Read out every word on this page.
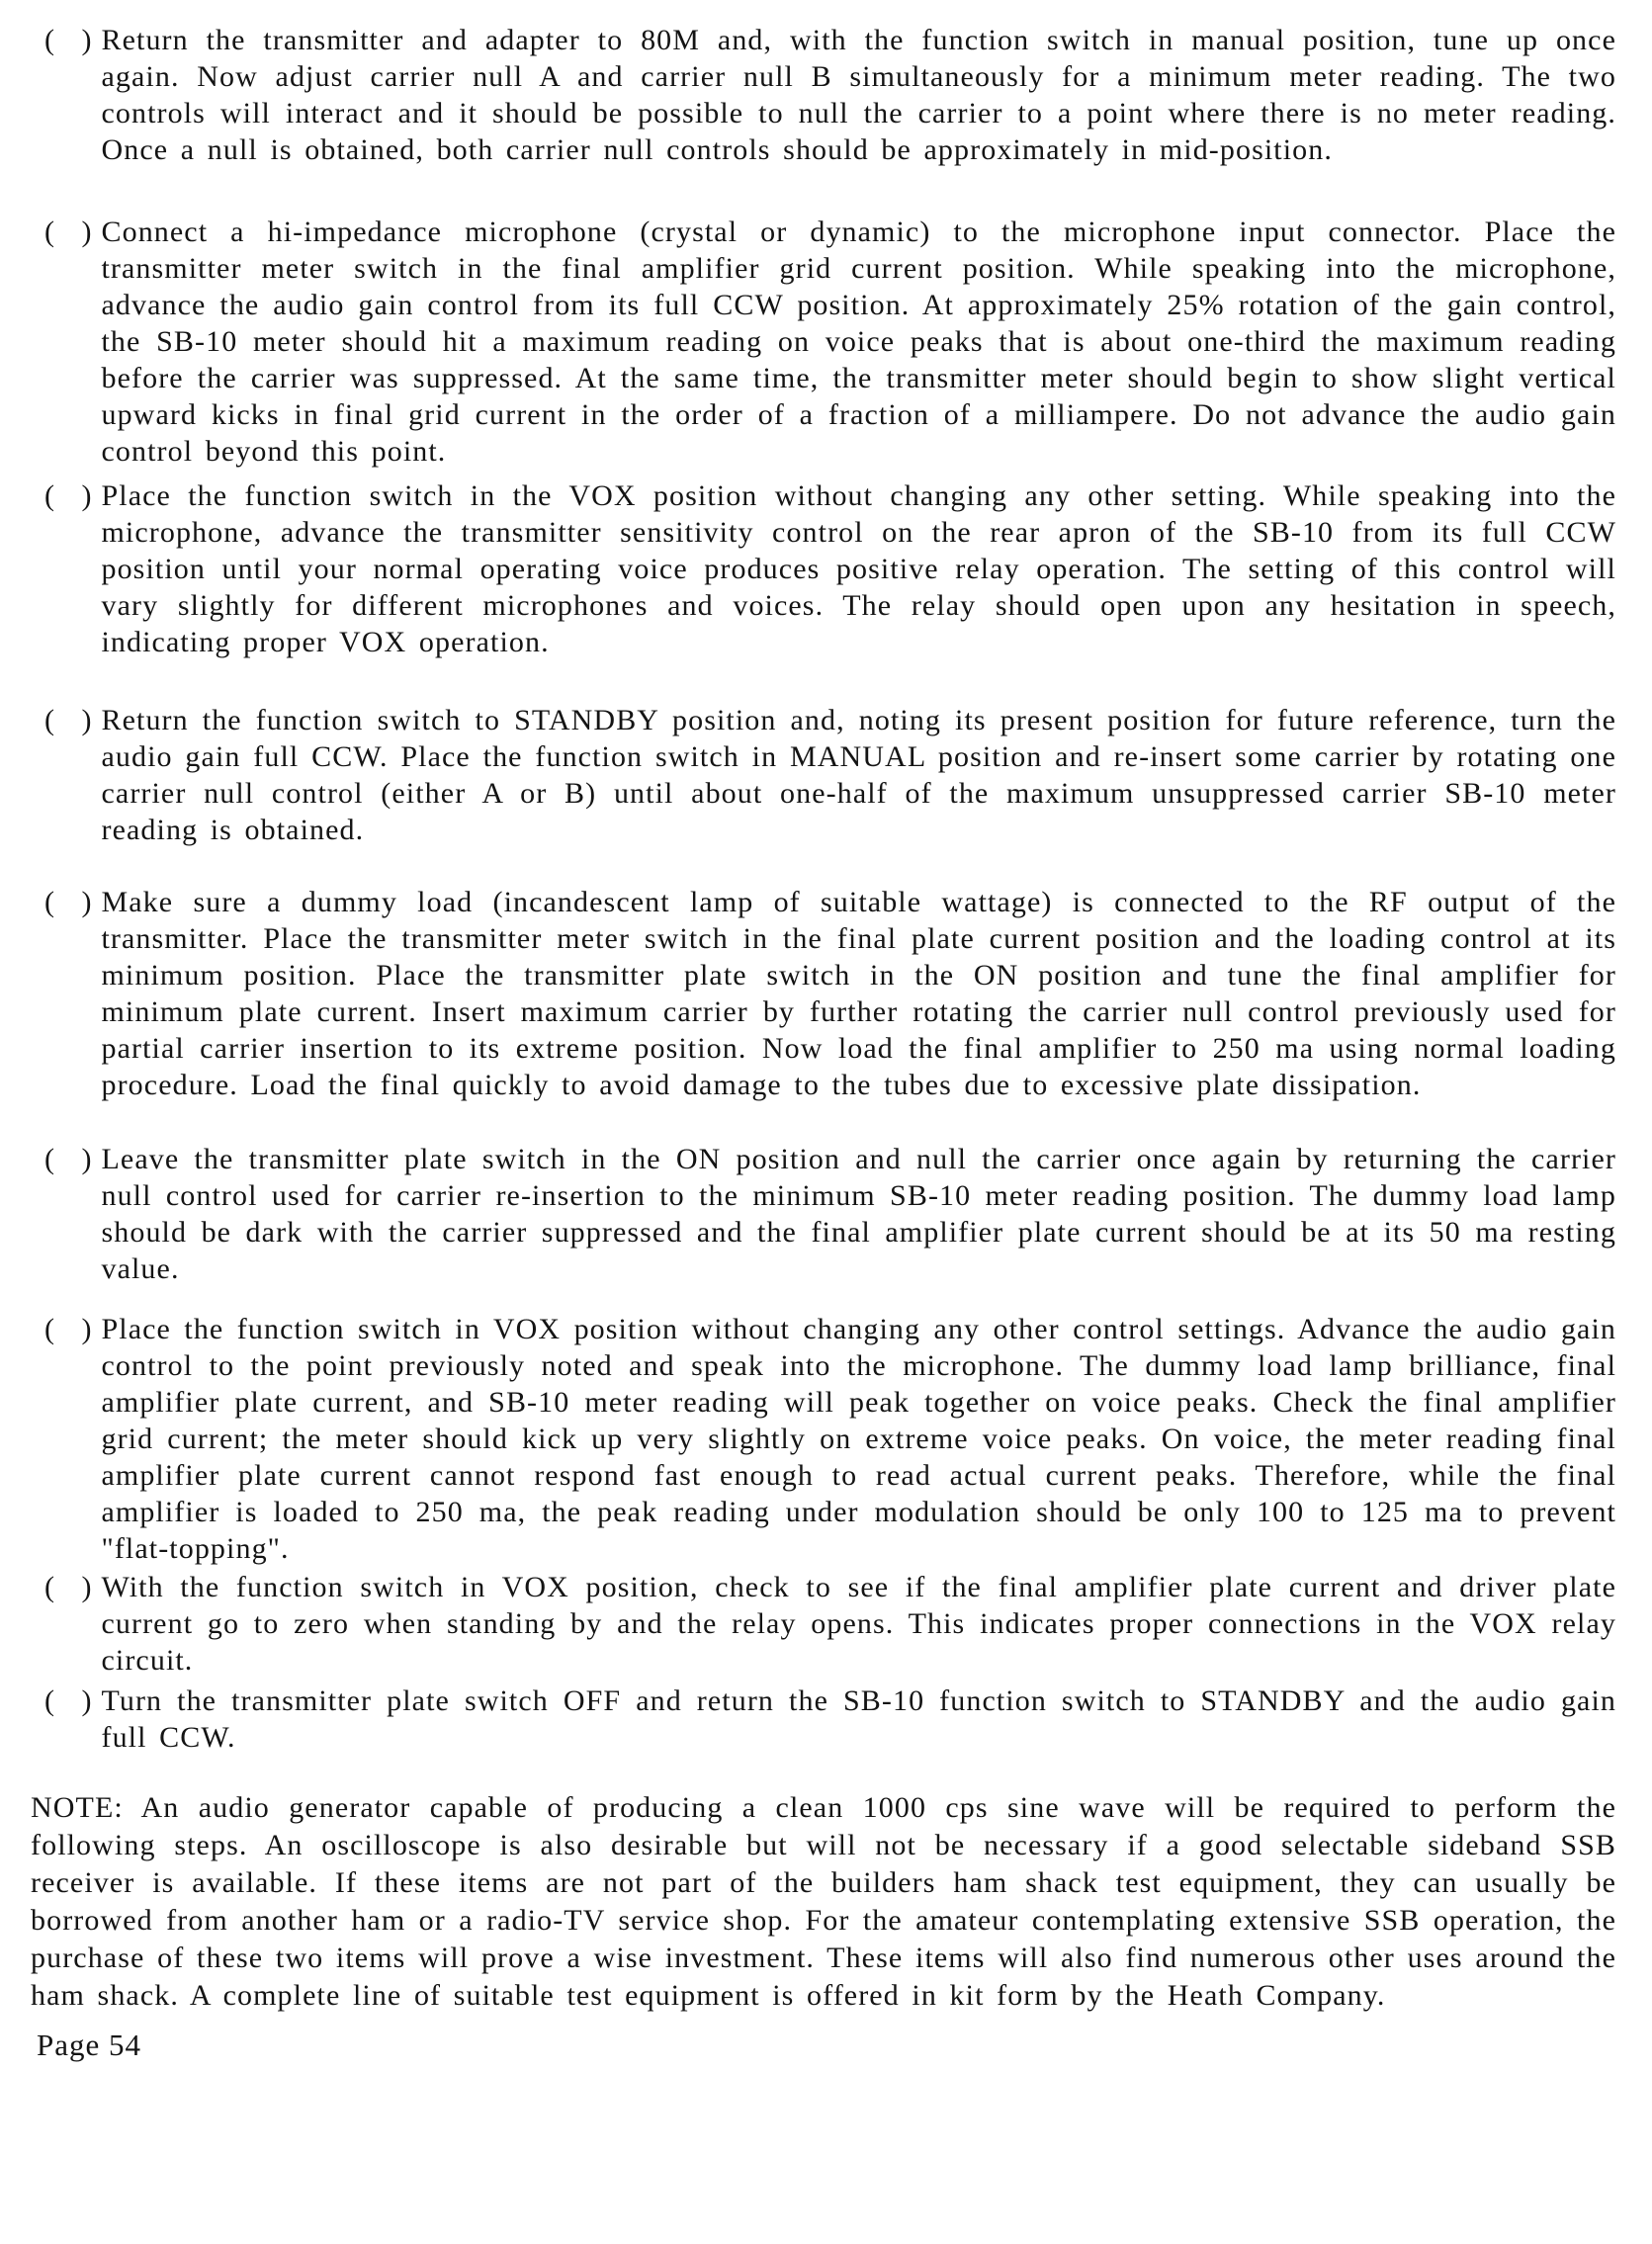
( ) Return the transmitter and adapter to 80M and, with the function switch in manual position, tune up once again. Now adjust carrier null A and carrier null B simultaneously for a minimum meter reading. The two controls will interact and it should be possible to null the carrier to a point where there is no meter reading. Once a null is obtained, both carrier null controls should be approximately in mid-position.

( ) Connect a hi-impedance microphone (crystal or dynamic) to the microphone input connector. Place the transmitter meter switch in the final amplifier grid current position. While speaking into the microphone, advance the audio gain control from its full CCW position. At approximately 25% rotation of the gain control, the SB-10 meter should hit a maximum reading on voice peaks that is about one-third the maximum reading before the carrier was suppressed. At the same time, the transmitter meter should begin to show slight vertical upward kicks in final grid current in the order of a fraction of a milliampere. Do not advance the audio gain control beyond this point.

( ) Place the function switch in the VOX position without changing any other setting. While speaking into the microphone, advance the transmitter sensitivity control on the rear apron of the SB-10 from its full CCW position until your normal operating voice produces positive relay operation. The setting of this control will vary slightly for different microphones and voices. The relay should open upon any hesitation in speech, indicating proper VOX operation.

( ) Return the function switch to STANDBY position and, noting its present position for future reference, turn the audio gain full CCW. Place the function switch in MANUAL position and re-insert some carrier by rotating one carrier null control (either A or B) until about one-half of the maximum unsuppressed carrier SB-10 meter reading is obtained.

( ) Make sure a dummy load (incandescent lamp of suitable wattage) is connected to the RF output of the transmitter. Place the transmitter meter switch in the final plate current position and the loading control at its minimum position. Place the transmitter plate switch in the ON position and tune the final amplifier for minimum plate current. Insert maximum carrier by further rotating the carrier null control previously used for partial carrier insertion to its extreme position. Now load the final amplifier to 250 ma using normal loading procedure. Load the final quickly to avoid damage to the tubes due to excessive plate dissipation.

( ) Leave the transmitter plate switch in the ON position and null the carrier once again by returning the carrier null control used for carrier re-insertion to the minimum SB-10 meter reading position. The dummy load lamp should be dark with the carrier suppressed and the final amplifier plate current should be at its 50 ma resting value.

( ) Place the function switch in VOX position without changing any other control settings. Advance the audio gain control to the point previously noted and speak into the microphone. The dummy load lamp brilliance, final amplifier plate current, and SB-10 meter reading will peak together on voice peaks. Check the final amplifier grid current; the meter should kick up very slightly on extreme voice peaks. On voice, the meter reading final amplifier plate current cannot respond fast enough to read actual current peaks. Therefore, while the final amplifier is loaded to 250 ma, the peak reading under modulation should be only 100 to 125 ma to prevent "flat-topping".

( ) With the function switch in VOX position, check to see if the final amplifier plate current and driver plate current go to zero when standing by and the relay opens. This indicates proper connections in the VOX relay circuit.

( ) Turn the transmitter plate switch OFF and return the SB-10 function switch to STANDBY and the audio gain full CCW.

NOTE: An audio generator capable of producing a clean 1000 cps sine wave will be required to perform the following steps. An oscilloscope is also desirable but will not be necessary if a good selectable sideband SSB receiver is available. If these items are not part of the builders ham shack test equipment, they can usually be borrowed from another ham or a radio-TV service shop. For the amateur contemplating extensive SSB operation, the purchase of these two items will prove a wise investment. These items will also find numerous other uses around the ham shack. A complete line of suitable test equipment is offered in kit form by the Heath Company.

Page 54
